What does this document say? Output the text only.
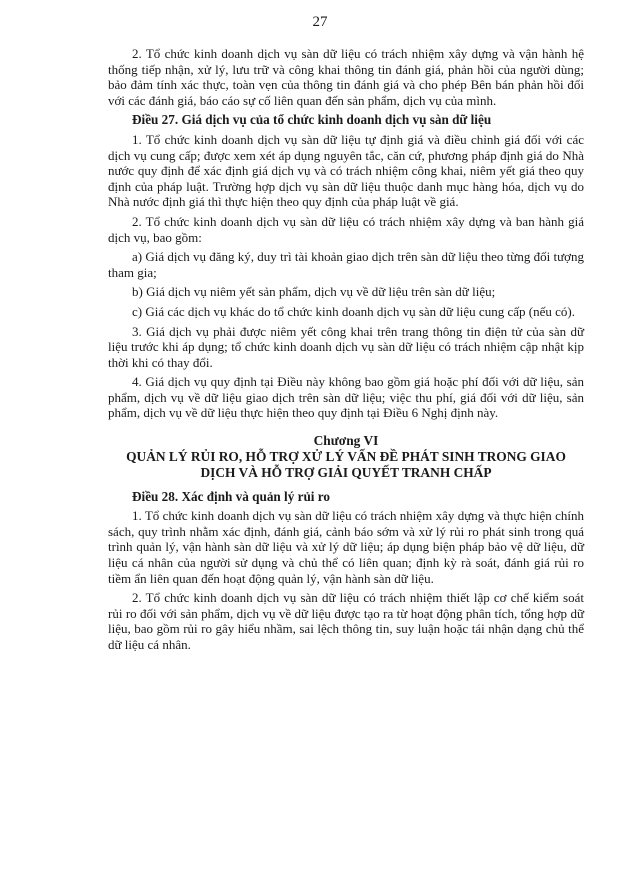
27

2. Tổ chức kinh doanh dịch vụ sàn dữ liệu có trách nhiệm xây dựng và vận hành hệ thống tiếp nhận, xử lý, lưu trữ và công khai thông tin đánh giá, phản hồi của người dùng; bảo đảm tính xác thực, toàn vẹn của thông tin đánh giá và cho phép Bên bán phản hồi đối với các đánh giá, báo cáo sự cố liên quan đến sản phẩm, dịch vụ của mình.

Điều 27. Giá dịch vụ của tổ chức kinh doanh dịch vụ sàn dữ liệu

1. Tổ chức kinh doanh dịch vụ sàn dữ liệu tự định giá và điều chỉnh giá đối với các dịch vụ cung cấp; được xem xét áp dụng nguyên tắc, căn cứ, phương pháp định giá do Nhà nước quy định để xác định giá dịch vụ và có trách nhiệm công khai, niêm yết giá theo quy định của pháp luật. Trường hợp dịch vụ sàn dữ liệu thuộc danh mục hàng hóa, dịch vụ do Nhà nước định giá thì thực hiện theo quy định của pháp luật về giá.

2. Tổ chức kinh doanh dịch vụ sàn dữ liệu có trách nhiệm xây dựng và ban hành giá dịch vụ, bao gồm:

a) Giá dịch vụ đăng ký, duy trì tài khoản giao dịch trên sàn dữ liệu theo từng đối tượng tham gia;

b) Giá dịch vụ niêm yết sản phẩm, dịch vụ về dữ liệu trên sàn dữ liệu;

c) Giá các dịch vụ khác do tổ chức kinh doanh dịch vụ sàn dữ liệu cung cấp (nếu có).

3. Giá dịch vụ phải được niêm yết công khai trên trang thông tin điện tử của sàn dữ liệu trước khi áp dụng; tổ chức kinh doanh dịch vụ sàn dữ liệu có trách nhiệm cập nhật kịp thời khi có thay đổi.

4. Giá dịch vụ quy định tại Điều này không bao gồm giá hoặc phí đối với dữ liệu, sản phẩm, dịch vụ về dữ liệu giao dịch trên sàn dữ liệu; việc thu phí, giá đối với dữ liệu, sản phẩm, dịch vụ về dữ liệu thực hiện theo quy định tại Điều 6 Nghị định này.

Chương VI
QUẢN LÝ RỦI RO, HỖ TRỢ XỬ LÝ VẤN ĐỀ PHÁT SINH TRONG GIAO DỊCH VÀ HỖ TRỢ GIẢI QUYẾT TRANH CHẤP
Điều 28. Xác định và quản lý rủi ro

1. Tổ chức kinh doanh dịch vụ sàn dữ liệu có trách nhiệm xây dựng và thực hiện chính sách, quy trình nhằm xác định, đánh giá, cảnh báo sớm và xử lý rủi ro phát sinh trong quá trình quản lý, vận hành sàn dữ liệu và xử lý dữ liệu; áp dụng biện pháp bảo vệ dữ liệu, dữ liệu cá nhân của người sử dụng và chủ thể có liên quan; định kỳ rà soát, đánh giá rủi ro tiềm ẩn liên quan đến hoạt động quản lý, vận hành sàn dữ liệu.

2. Tổ chức kinh doanh dịch vụ sàn dữ liệu có trách nhiệm thiết lập cơ chế kiểm soát rủi ro đối với sản phẩm, dịch vụ về dữ liệu được tạo ra từ hoạt động phân tích, tổng hợp dữ liệu, bao gồm rủi ro gây hiểu nhầm, sai lệch thông tin, suy luận hoặc tái nhận dạng chủ thể dữ liệu cá nhân.
